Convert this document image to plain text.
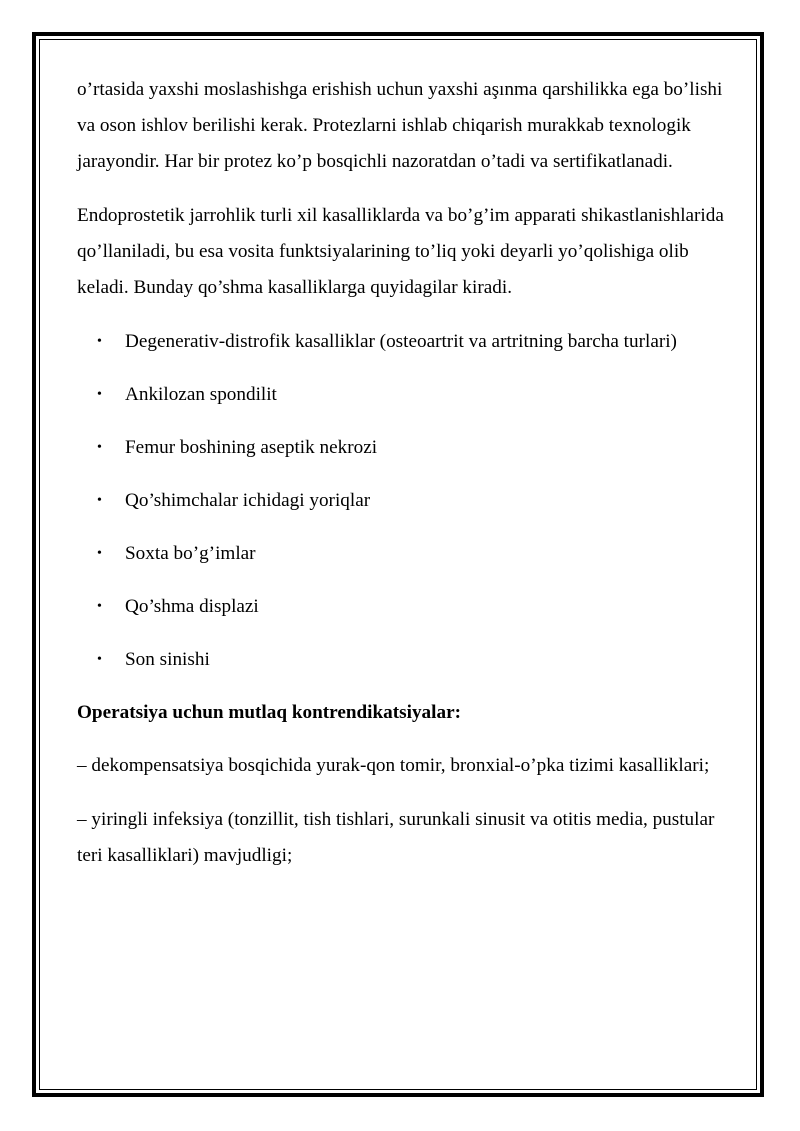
o’rtasida yaxshi moslashishga erishish uchun yaxshi aşınma qarshilikka ega bo’lishi va oson ishlov berilishi kerak. Protezlarni ishlab chiqarish murakkab texnologik jarayondir. Har bir protez ko’p bosqichli nazoratdan o’tadi va sertifikatlanadi.

Endoprostetik jarrohlik turli xil kasalliklarda va bo’g’im apparati shikastlanishlarida qo’llaniladi, bu esa vosita funktsiyalarining to’liq yoki deyarli yo’qolishiga olib keladi. Bunday qo’shma kasalliklarga quyidagilar kiradi.

• Degenerativ-distrofik kasalliklar (osteoartrit va artritning barcha turlari)
• Ankilozan spondilit
• Femur boshining aseptik nekrozi
• Qo’shimchalar ichidagi yoriqlar
• Soxta bo’g’imlar
• Qo’shma displazi
• Son sinishi

Operatsiya uchun mutlaq kontrendikatsiyalar:

– dekompensatsiya bosqichida yurak-qon tomir, bronxial-o’pka tizimi kasalliklari;

– yiringli infeksiya (tonzillit, tish tishlari, surunkali sinusit va otitis media, pustular teri kasalliklari) mavjudligi;
